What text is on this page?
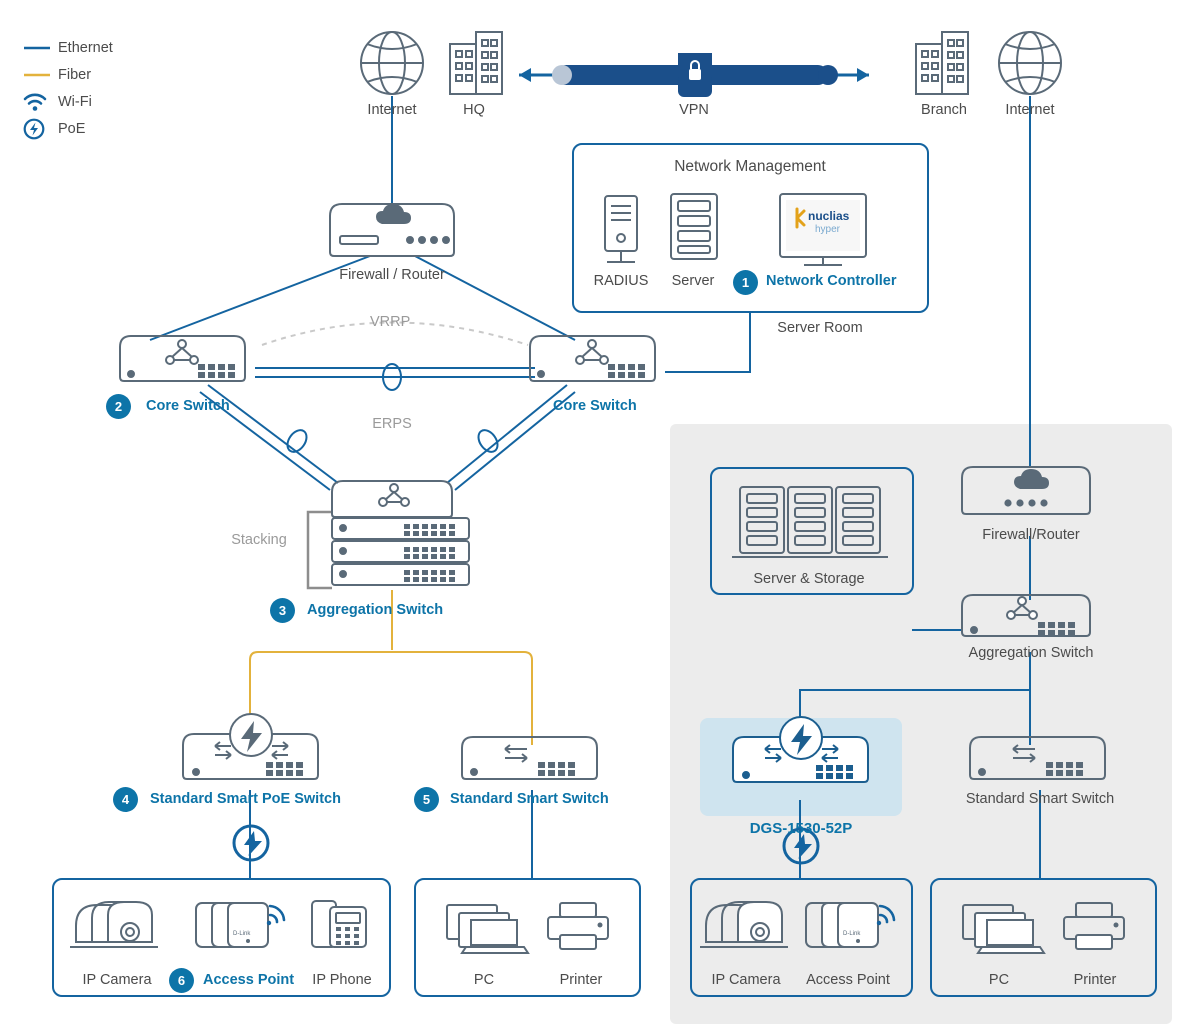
Ethernet
Fiber
Wi-Fi
PoE
Internet	HQ	VPN	Branch	Internet
Network Management
nuclias
hyper
RADIUS Server	1	Network Controller
Server Room
Firewall / Router
2	Core Switch	Core Switch
VRRP
ERPS
Stacking
3	Aggregation Switch
4	Standard Smart PoE Switch	5	Standard Smart Switch
D-Link
IP Camera	6	Access Point IP Phone	PC	Printer
D-Link
Server & Storage
Firewall/Router
Aggregation Switch
DGS-1530-52P
Standard Smart Switch
IP Camera Access Point	PC	Printer
